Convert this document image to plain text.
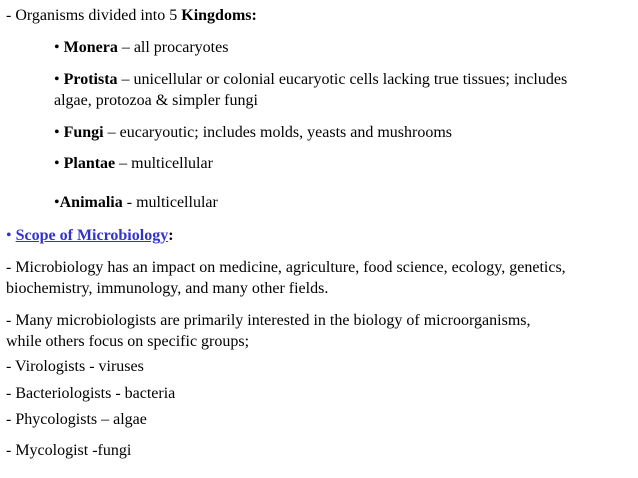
- Organisms divided into 5 Kingdoms:
• Monera – all procaryotes
• Protista – unicellular or colonial eucaryotic cells lacking true tissues; includes
algae, protozoa & simpler fungi
• Fungi – eucaryoutic; includes molds, yeasts and mushrooms
• Plantae – multicellular
•Animalia - multicellular
• Scope of Microbiology:
- Microbiology has an impact on medicine, agriculture, food science, ecology, genetics,
biochemistry, immunology, and many other fields.
- Many microbiologists are primarily interested in the biology of microorganisms,
while others focus on specific groups;
- Virologists - viruses
- Bacteriologists - bacteria
- Phycologists – algae
- Mycologist -fungi
